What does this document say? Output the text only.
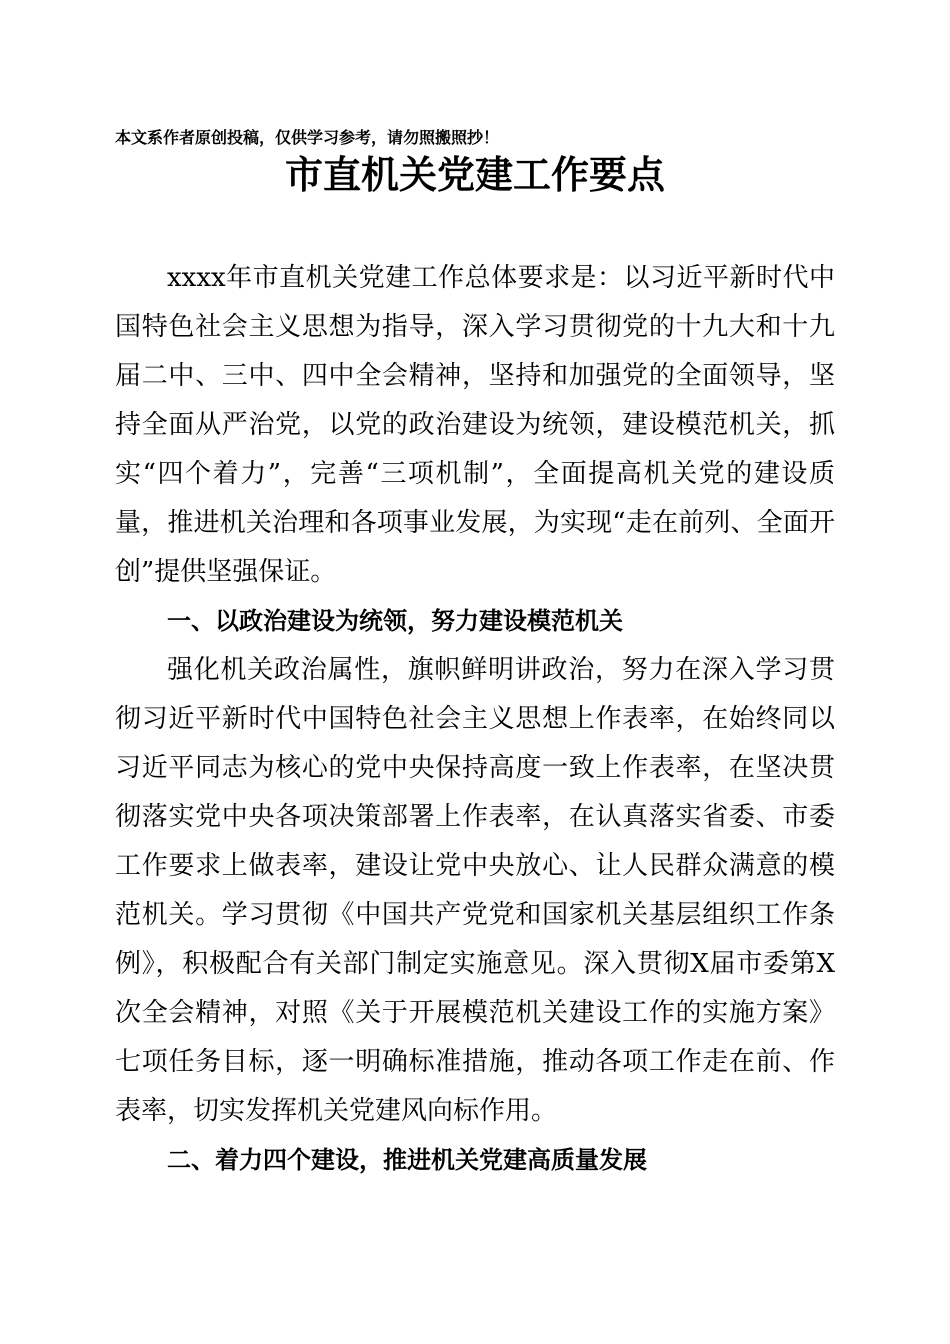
本文系作者原创投稿，仅供学习参考，请勿照搬照抄！
市直机关党建工作要点

xxxx年市直机关党建工作总体要求是：以习近平新时代中国特色社会主义思想为指导，深入学习贯彻党的十九大和十九届二中、三中、四中全会精神，坚持和加强党的全面领导，坚持全面从严治党，以党的政治建设为统领，建设模范机关，抓实“四个着力”，完善“三项机制”，全面提高机关党的建设质量，推进机关治理和各项事业发展，为实现“走在前列、全面开创”提供坚强保证。

一、以政治建设为统领，努力建设模范机关

强化机关政治属性，旗帜鲜明讲政治，努力在深入学习贯彻习近平新时代中国特色社会主义思想上作表率，在始终同以习近平同志为核心的党中央保持高度一致上作表率，在坚决贯彻落实党中央各项决策部署上作表率，在认真落实省委、市委工作要求上做表率，建设让党中央放心、让人民群众满意的模范机关。学习贯彻《中国共产党党和国家机关基层组织工作条例》，积极配合有关部门制定实施意见。深入贯彻X届市委第X次全会精神，对照《关于开展模范机关建设工作的实施方案》七项任务目标，逐一明确标准措施，推动各项工作走在前、作表率，切实发挥机关党建风向标作用。

二、着力四个建设，推进机关党建高质量发展
